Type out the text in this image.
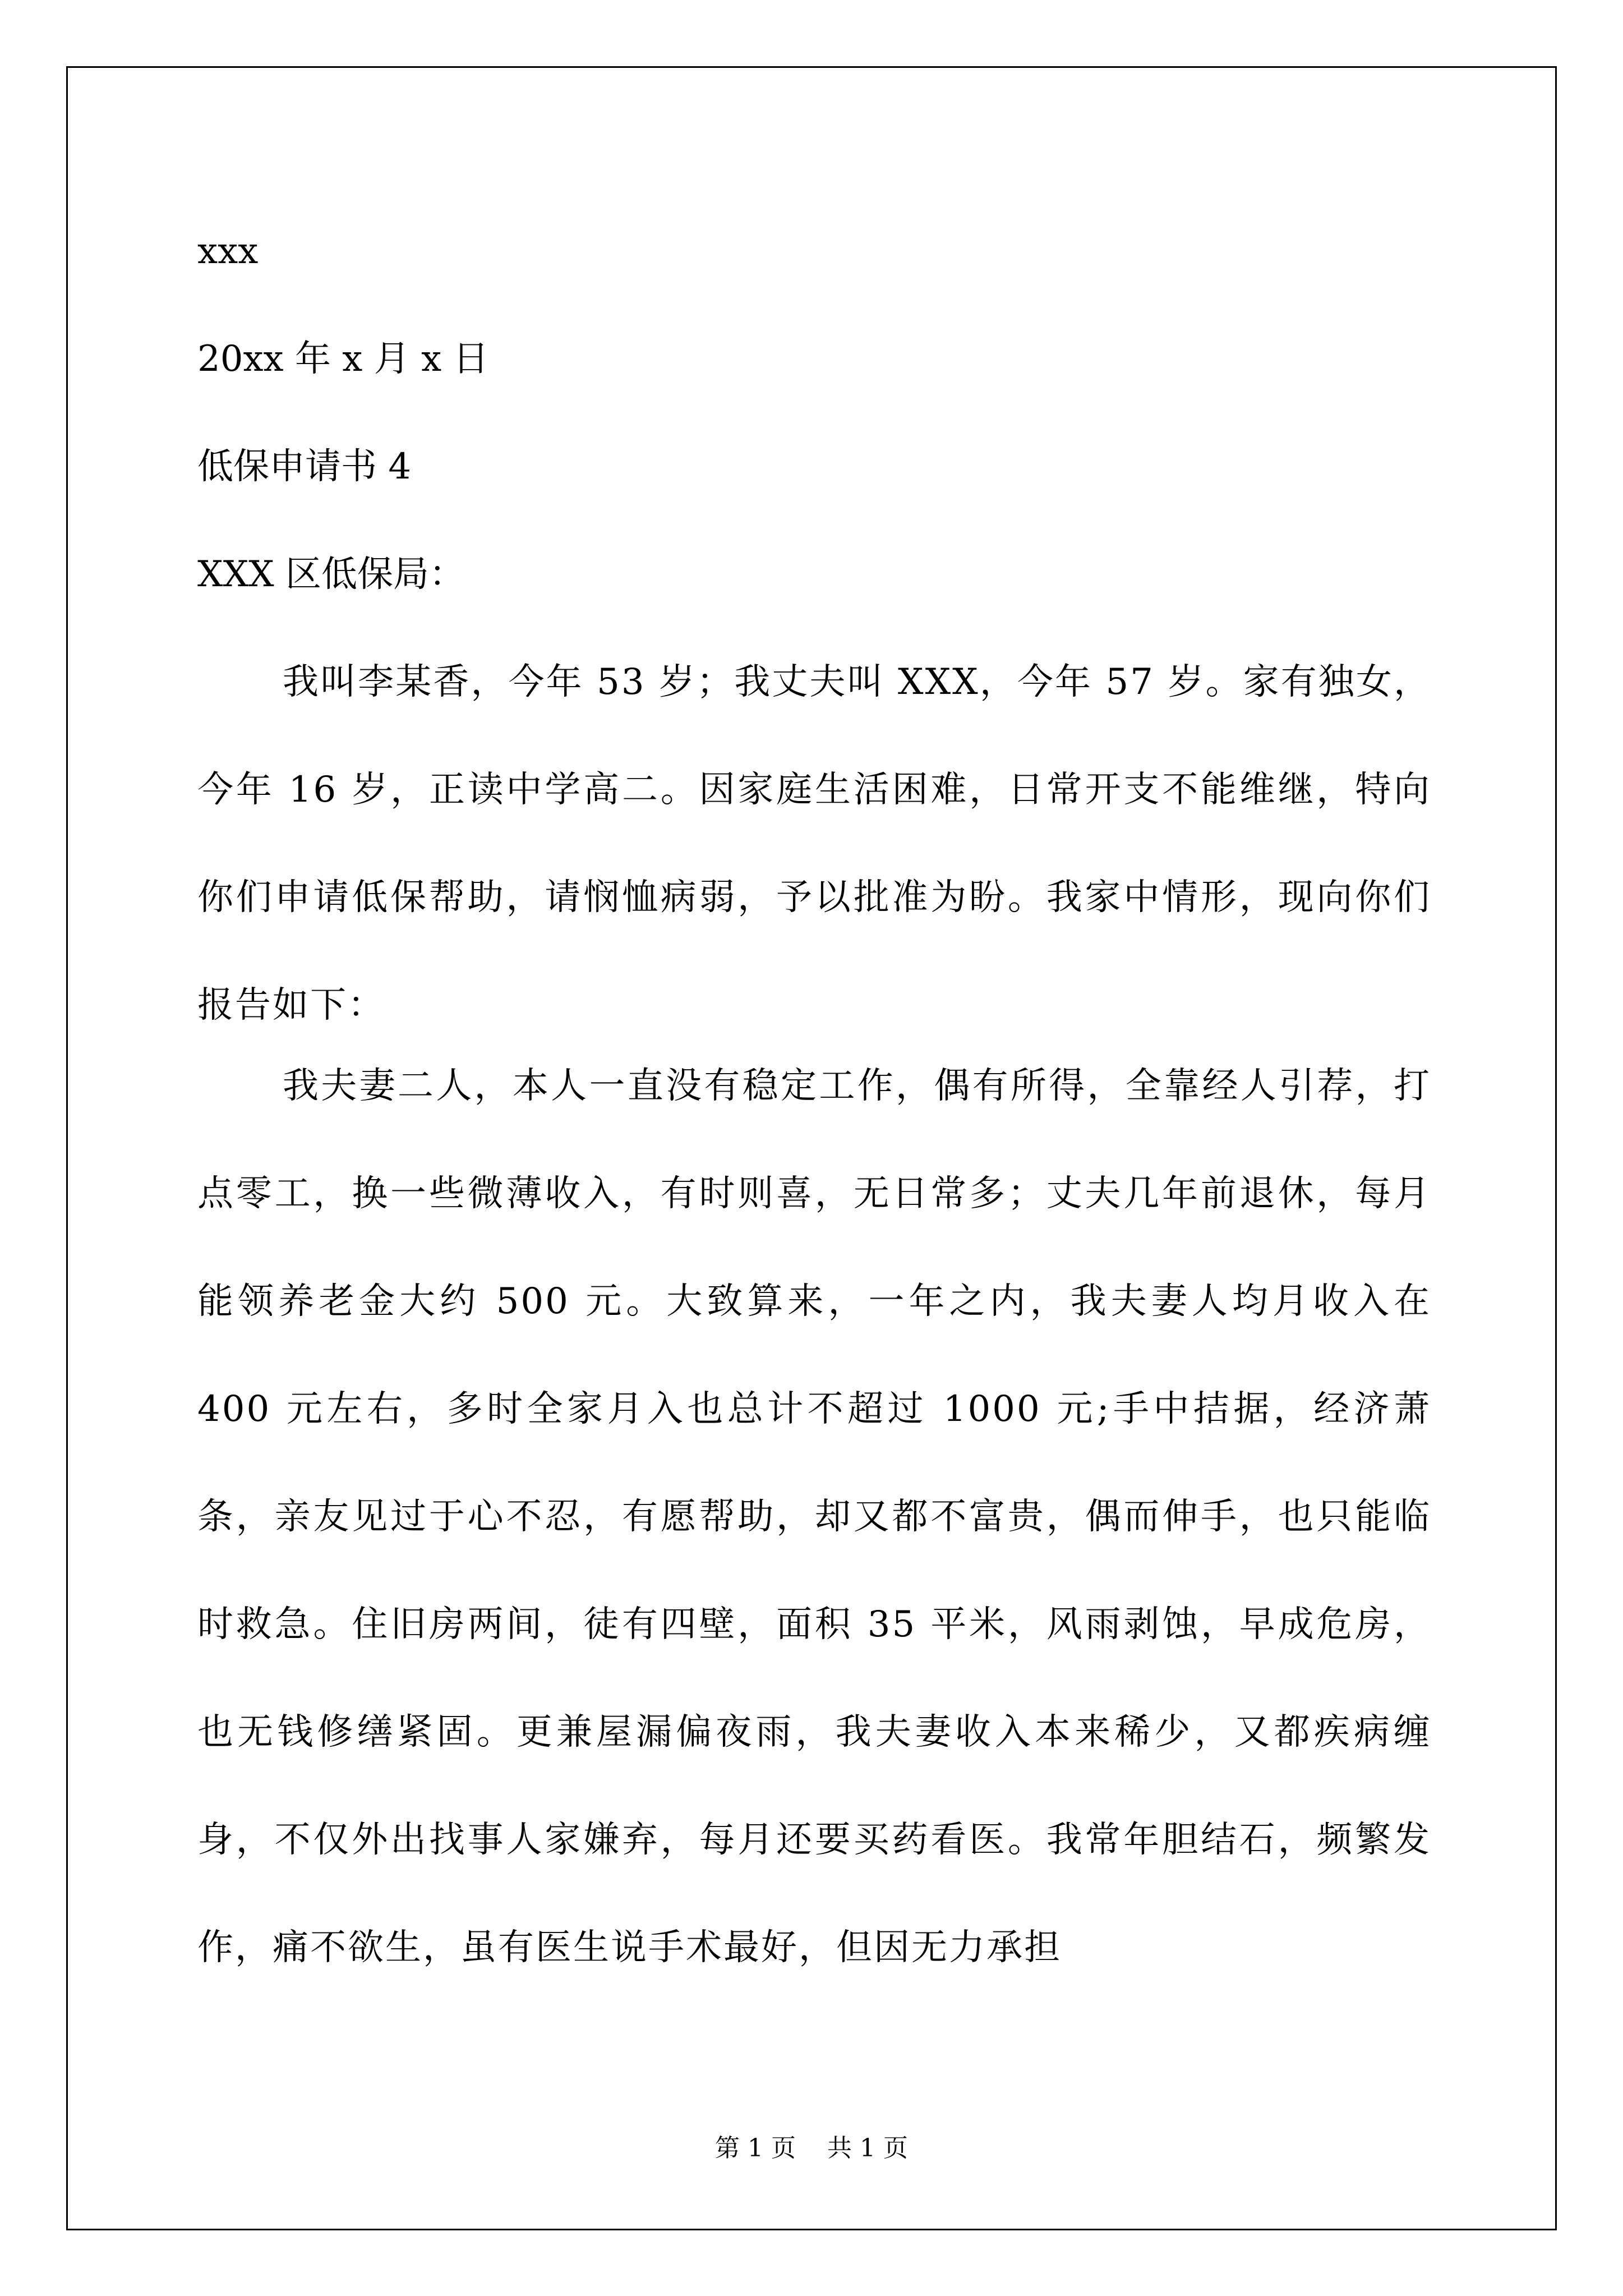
xxx
20xx 年 x 月 x 日
低保申请书 4
XXX 区低保局：

我叫李某香，今年 53 岁；我丈夫叫 XXX，今年 57 岁。家有独女，今年 16 岁，正读中学高二。因家庭生活困难，日常开支不能维继，特向你们申请低保帮助，请悯恤病弱，予以批准为盼。我家中情形，现向你们报告如下：

我夫妻二人，本人一直没有稳定工作，偶有所得，全靠经人引荐，打点零工，换一些微薄收入，有时则喜，无日常多；丈夫几年前退休，每月能领养老金大约 500 元。大致算来，一年之内，我夫妻人均月收入在 400 元左右，多时全家月入也总计不超过 1000 元;手中拮据，经济萧条，亲友见过于心不忍，有愿帮助，却又都不富贵，偶而伸手，也只能临时救急。住旧房两间，徒有四壁，面积 35 平米，风雨剥蚀，早成危房，也无钱修缮紧固。更兼屋漏偏夜雨，我夫妻收入本来稀少，又都疾病缠身，不仅外出找事人家嫌弃，每月还要买药看医。我常年胆结石，频繁发作，痛不欲生，虽有医生说手术最好，但因无力承担

第 1 页 共 1 页
